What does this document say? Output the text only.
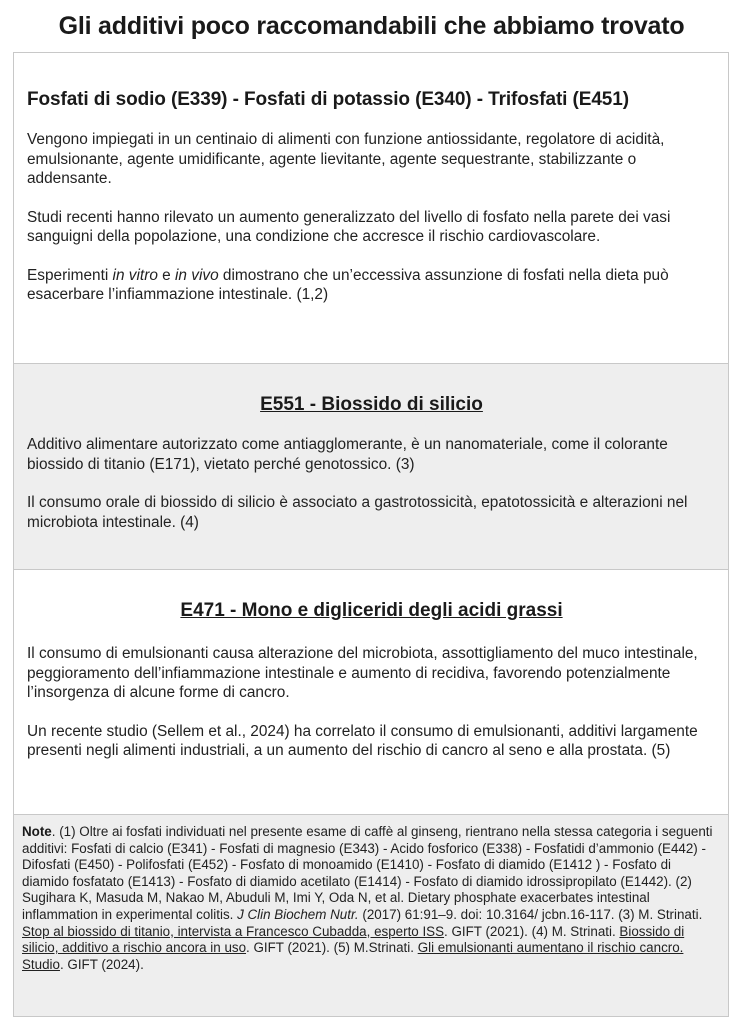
Gli additivi poco raccomandabili che abbiamo trovato
Fosfati di sodio (E339) - Fosfati di potassio (E340) - Trifosfati (E451)

Vengono impiegati in un centinaio di alimenti con funzione antiossidante, regolatore di acidità, emulsionante, agente umidificante, agente lievitante, agente sequestrante, stabilizzante o addensante.

Studi recenti hanno rilevato un aumento generalizzato del livello di fosfato nella parete dei vasi sanguigni della popolazione, una condizione che accresce il rischio cardiovascolare.

Esperimenti in vitro e in vivo dimostrano che un’eccessiva assunzione di fosfati nella dieta può esacerbare l’infiammazione intestinale. (1,2)

E551 - Biossido di silicio

Additivo alimentare autorizzato come antiagglomerante, è un nanomateriale, come il colorante biossido di titanio (E171), vietato perché genotossico. (3)

Il consumo orale di biossido di silicio è associato a gastrotossicità, epatotossicità e alterazioni nel microbiota intestinale. (4)

E471 - Mono e digliceridi degli acidi grassi

Il consumo di emulsionanti causa alterazione del microbiota, assottigliamento del muco intestinale, peggioramento dell’infiammazione intestinale e aumento di recidiva, favorendo potenzialmente l’insorgenza di alcune forme di cancro.

Un recente studio (Sellem et al., 2024) ha correlato il consumo di emulsionanti, additivi largamente presenti negli alimenti industriali, a un aumento del rischio di cancro al seno e alla prostata. (5)

Note. (1) Oltre ai fosfati individuati nel presente esame di caffè al ginseng, rientrano nella stessa categoria i seguenti additivi: Fosfati di calcio (E341) - Fosfati di magnesio (E343) - Acido fosforico (E338) - Fosfatidi d’ammonio (E442) - Difosfati (E450) - Polifosfati (E452) - Fosfato di monoamido (E1410) - Fosfato di diamido (E1412 ) - Fosfato di diamido fosfatato (E1413) - Fosfato di diamido acetilato (E1414) - Fosfato di diamido idrossipropilato (E1442). (2) Sugihara K, Masuda M, Nakao M, Abuduli M, Imi Y, Oda N, et al. Dietary phosphate exacerbates intestinal inflammation in experimental colitis. J Clin Biochem Nutr. (2017) 61:91–9. doi: 10.3164/ jcbn.16-117. (3) M. Strinati. Stop al biossido di titanio, intervista a Francesco Cubadda, esperto ISS. GIFT (2021). (4) M. Strinati. Biossido di silicio, additivo a rischio ancora in uso. GIFT (2021). (5) M.Strinati. Gli emulsionanti aumentano il rischio cancro. Studio. GIFT (2024).
